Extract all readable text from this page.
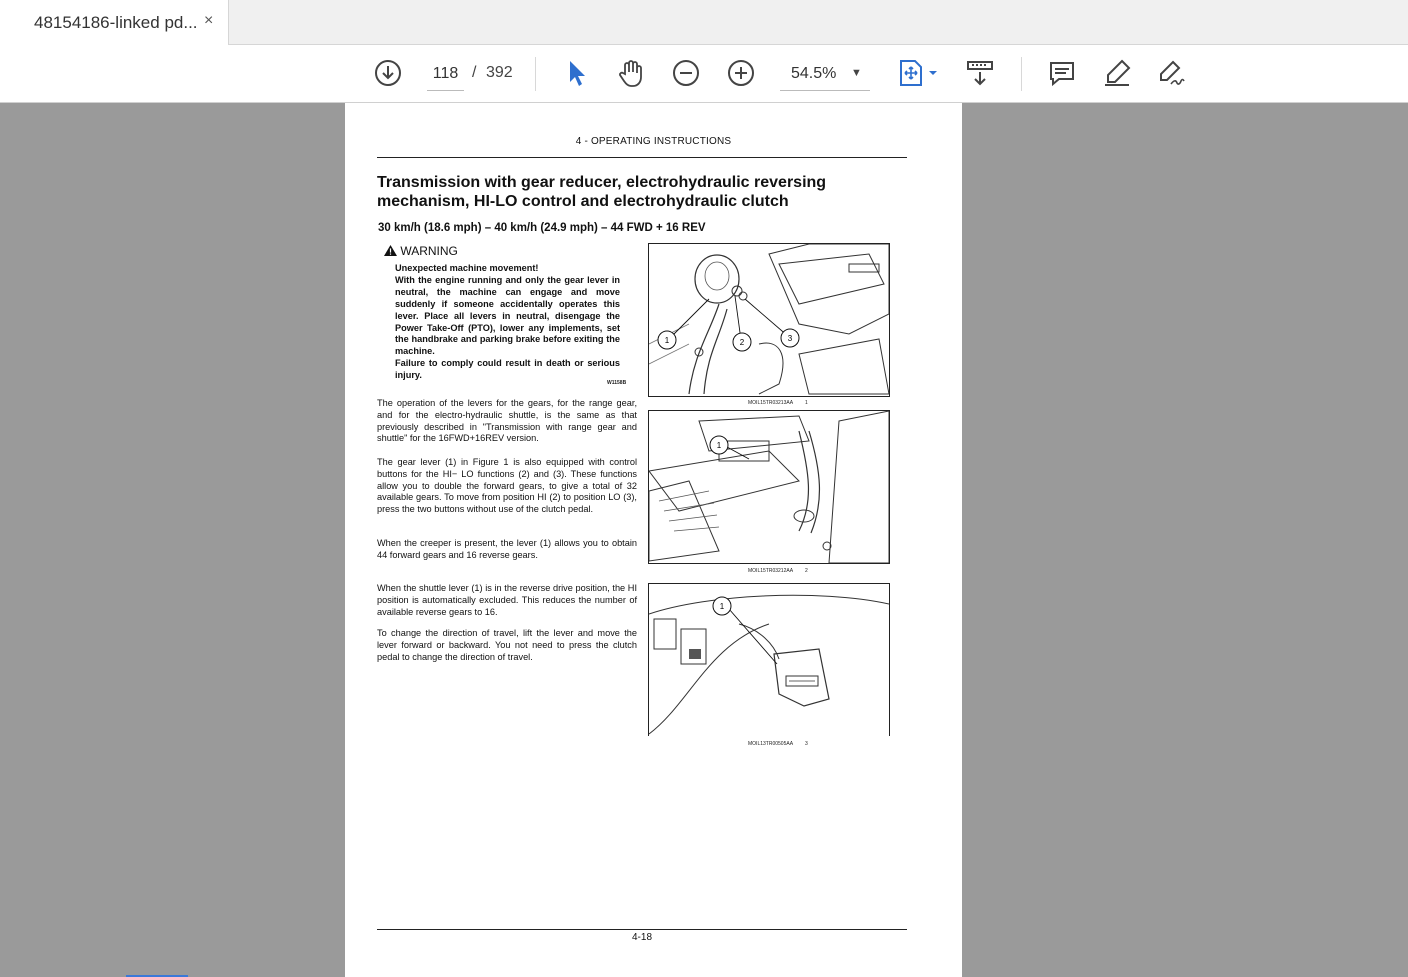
48154186-linked pd... ×
118 / 392	54.5% ▼
4 - OPERATING INSTRUCTIONS
Transmission with gear reducer, electrohydraulic reversing mechanism, HI-LO control and electrohydraulic clutch
30 km/h (18.6 mph) – 40 km/h (24.9 mph) – 44 FWD + 16 REV
WARNING
Unexpected machine movement!
With the engine running and only the gear lever in neutral, the machine can engage and move suddenly if someone accidentally operates this lever. Place all levers in neutral, disengage the Power Take-Off (PTO), lower any implements, set the handbrake and parking brake before exiting the machine.
Failure to comply could result in death or serious injury.
W1158B
The operation of the levers for the gears, for the range gear, and for the electro-hydraulic shuttle, is the same as that previously described in "Transmission with range gear and shuttle" for the 16FWD+16REV version.
The gear lever (1) in Figure 1 is also equipped with control buttons for the HI− LO functions (2) and (3). These functions allow you to double the forward gears, to give a total of 32 available gears. To move from position HI (2) to position LO (3), press the two buttons without use of the clutch pedal.
When the creeper is present, the lever (1) allows you to obtain 44 forward gears and 16 reverse gears.
When the shuttle lever (1) is in the reverse drive position, the HI position is automatically excluded. This reduces the number of available reverse gears to 16.
To change the direction of travel, lift the lever and move the lever forward or backward. You not need to press the clutch pedal to change the direction of travel.
1	2	3
MOIL15TR03213AA 1
1
MOIL15TR03212AA 2
1
MOIL13TR00505AA 3
4-18
